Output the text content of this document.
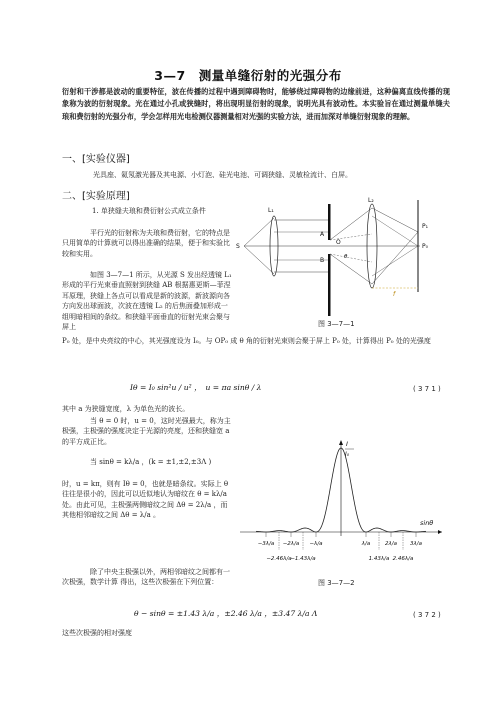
3—7　测量单缝衍射的光强分布
衍射和干涉都是波动的重要特征，波在传播的过程中遇到障碍物时，能够绕过障碍物的边缘前进，这种偏离直线传播的现象称为波的衍射现象。光在通过小孔或狭缝时，将出现明显衍射的现象，说明光具有波动性。本实验旨在通过测量单缝夫琅和费衍射的光强分布，学会怎样用光电检测仪器测量相对光强的实验方法，进而加深对单缝衍射现象的理解。
一、[实验仪器]
光具座、氦氖激光器及其电源、小灯泡、硅光电池、可调狭缝、灵敏检流计、白屏。
二、[实验原理]
1. 单狭缝夫琅和费衍射公式成立条件
平行光的衍射称为夫琅和费衍射，它的特点是只用简单的计算就可以得出准确的结果，便于和实验比较和实用。
如图 3—7—1 所示，从光源 S 发出经透镜 L₁ 形成的平行光束垂直照射到狭缝 AB 根据惠更斯—菲涅耳原理，狭缝上各点可以看成是新的波源，新波源向各方向发出球面波，次波在透镜 L₂ 的后焦面叠加形成一组明暗相间的条纹。和狭缝平面垂直的衍射光束会聚与屏上
S
L₁
A
B
O
θ
L₂
P₁
P₀
f
图 3—7—1
P₀ 处，是中央亮纹的中心，其光强度设为 I₀。与 OP₀ 成 θ 角的衍射光束则会聚于屏上 P₀ 处，计算得出 P₀ 处的光强度
Iθ = I₀ sin²u / u² ，　u = πa sinθ / λ	( 3 7 1 )
其中 a 为狭缝宽度，λ 为单色光的波长。
当 θ = 0 时，u = 0，这时光强最大，称为主极强，主极强的强度决定于光源的亮度，还和狭缝宽 a 的平方成正比。
当 sinθ = kλ/a ，(k = ±1,±2,±3Λ )
时，u = kπ，则有 Iθ = 0，也就是暗条纹。实际上 θ 往往是很小的，因此可以近似地认为暗纹在 θ = kλ/a 处。由此可见，主极强两侧暗纹之间 Δθ = 2λ/a ，而其他相邻暗纹之间 Δθ = λ/a 。
除了中央主极强以外，两相邻暗纹之间都有一次极强，数学计算 得出，这些次极强在下列位置：
I
I₀
sinθ
−3λ/a −2λ/a −λ/a	λ/a	2λ/a 3λ/a
−2.46λ/a
−1.43λ/a	1.43λ/a 2.46λ/a
图 3—7—2
θ − sinθ = ±1.43 λ/a ，±2.46 λ/a ，±3.47 λ/a Λ	( 3 7 2 )
这些次极强的相对强度
